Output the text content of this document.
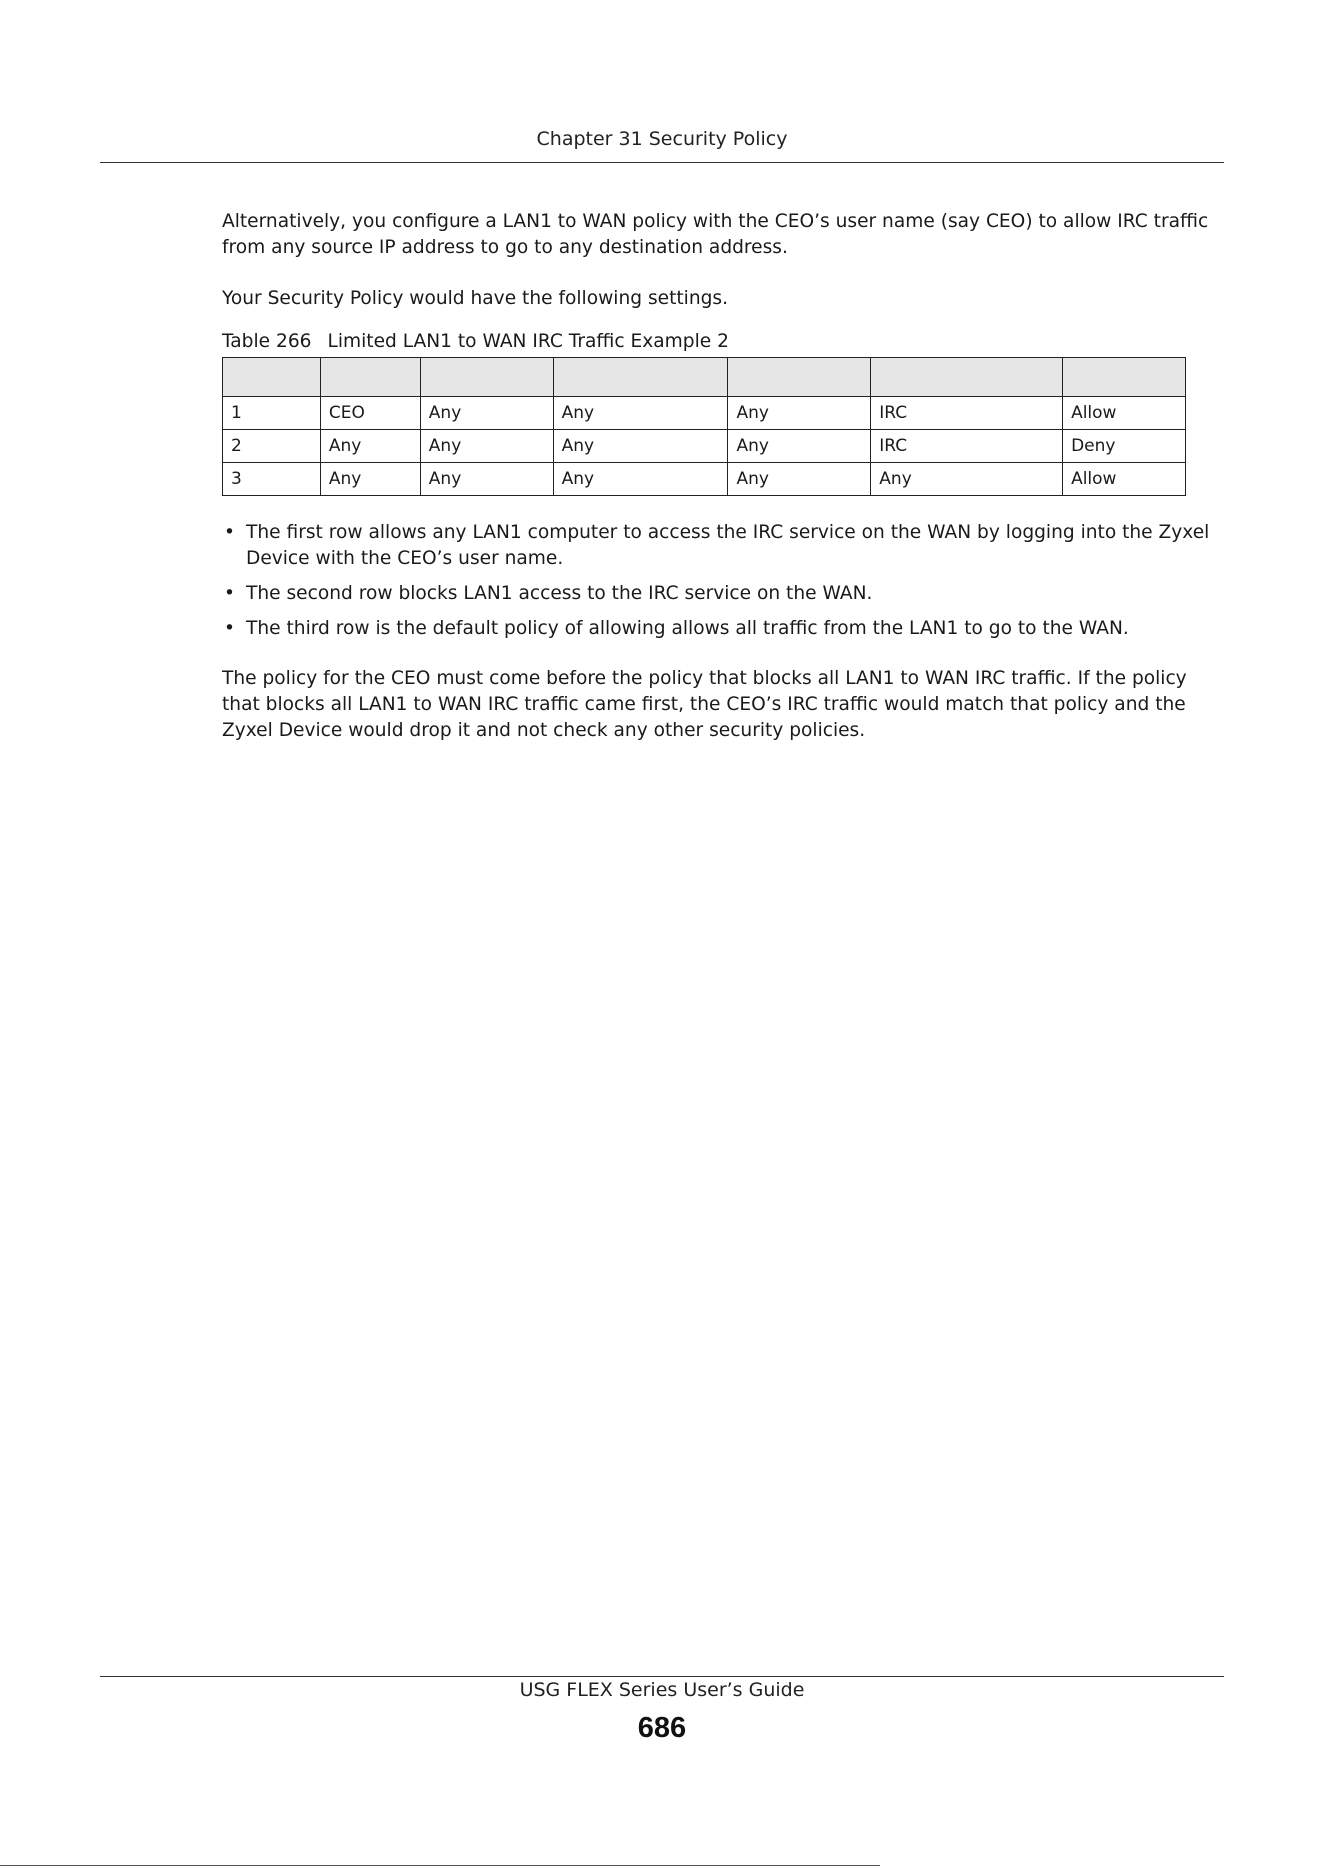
Chapter 31 Security Policy

Alternatively, you configure a LAN1 to WAN policy with the CEO’s user name (say CEO) to allow IRC traffic from any source IP address to go to any destination address.

Your Security Policy would have the following settings.

Table 266 Limited LAN1 to WAN IRC Traffic Example 2

1	CEO	Any	Any	Any	IRC	Allow
2	Any	Any	Any	Any	IRC	Deny
3	Any	Any	Any	Any	Any	Allow
• The first row allows any LAN1 computer to access the IRC service on the WAN by logging into the Zyxel Device with the CEO’s user name.
• The second row blocks LAN1 access to the IRC service on the WAN.
• The third row is the default policy of allowing allows all traffic from the LAN1 to go to the WAN.

The policy for the CEO must come before the policy that blocks all LAN1 to WAN IRC traffic. If the policy that blocks all LAN1 to WAN IRC traffic came first, the CEO’s IRC traffic would match that policy and the Zyxel Device would drop it and not check any other security policies.

USG FLEX Series User’s Guide
686
